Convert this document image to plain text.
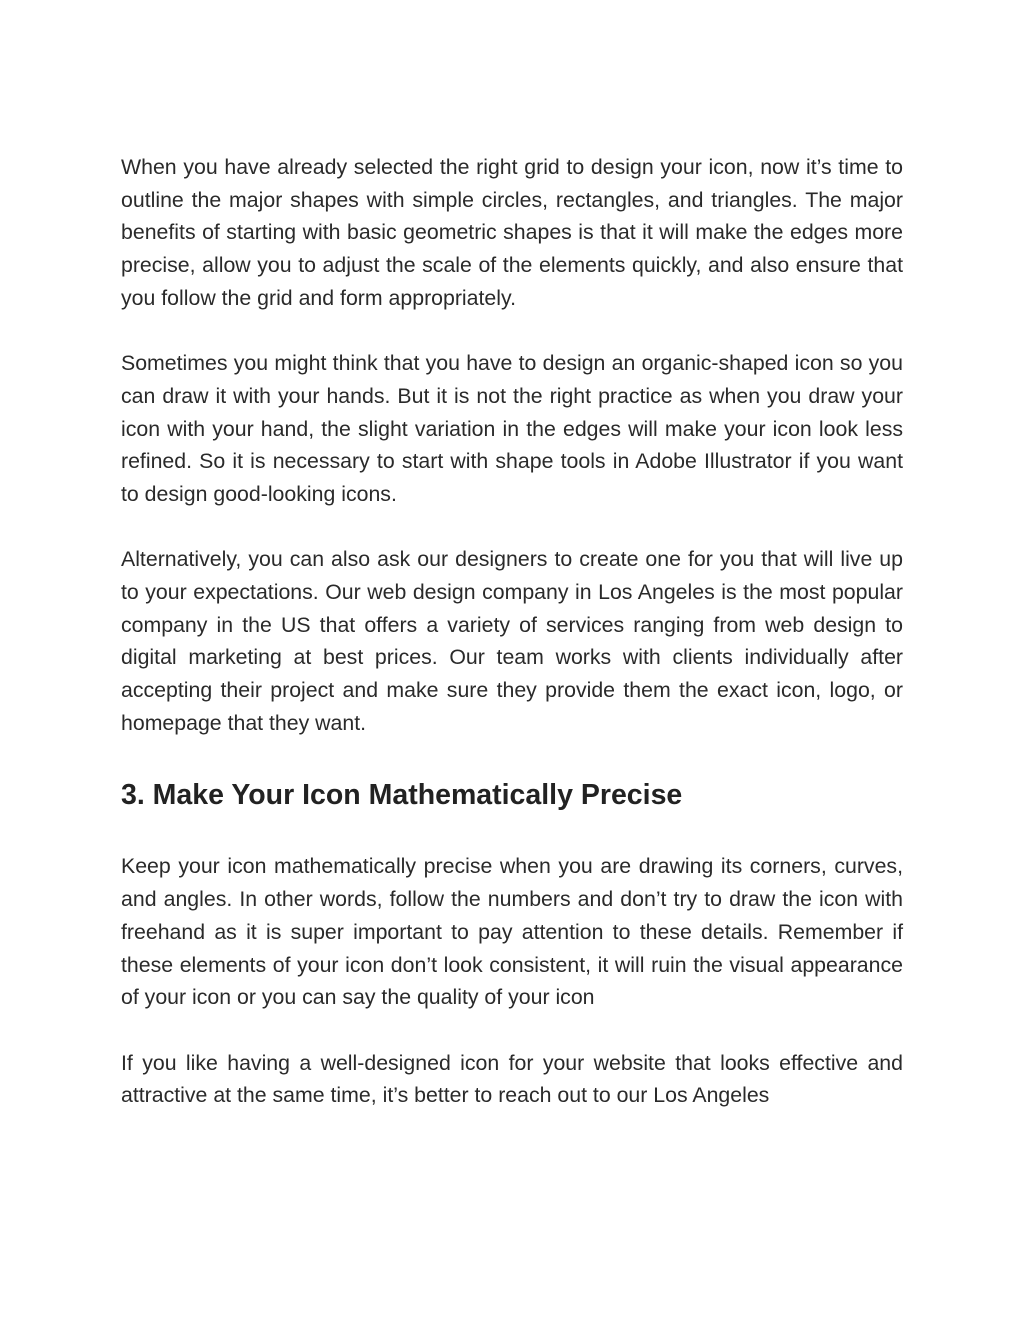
When you have already selected the right grid to design your icon, now it’s time to outline the major shapes with simple circles, rectangles, and triangles. The major benefits of starting with basic geometric shapes is that it will make the edges more precise, allow you to adjust the scale of the elements quickly, and also ensure that you follow the grid and form appropriately.

Sometimes you might think that you have to design an organic-shaped icon so you can draw it with your hands. But it is not the right practice as when you draw your icon with your hand, the slight variation in the edges will make your icon look less refined. So it is necessary to start with shape tools in Adobe Illustrator if you want to design good-looking icons.

Alternatively, you can also ask our designers to create one for you that will live up to your expectations. Our web design company in Los Angeles is the most popular company in the US that offers a variety of services ranging from web design to digital marketing at best prices. Our team works with clients individually after accepting their project and make sure they provide them the exact icon, logo, or homepage that they want.

3. Make Your Icon Mathematically Precise

Keep your icon mathematically precise when you are drawing its corners, curves, and angles. In other words, follow the numbers and don’t try to draw the icon with freehand as it is super important to pay attention to these details. Remember if these elements of your icon don’t look consistent, it will ruin the visual appearance of your icon or you can say the quality of your icon

If you like having a well-designed icon for your website that looks effective and attractive at the same time, it’s better to reach out to our Los Angeles
